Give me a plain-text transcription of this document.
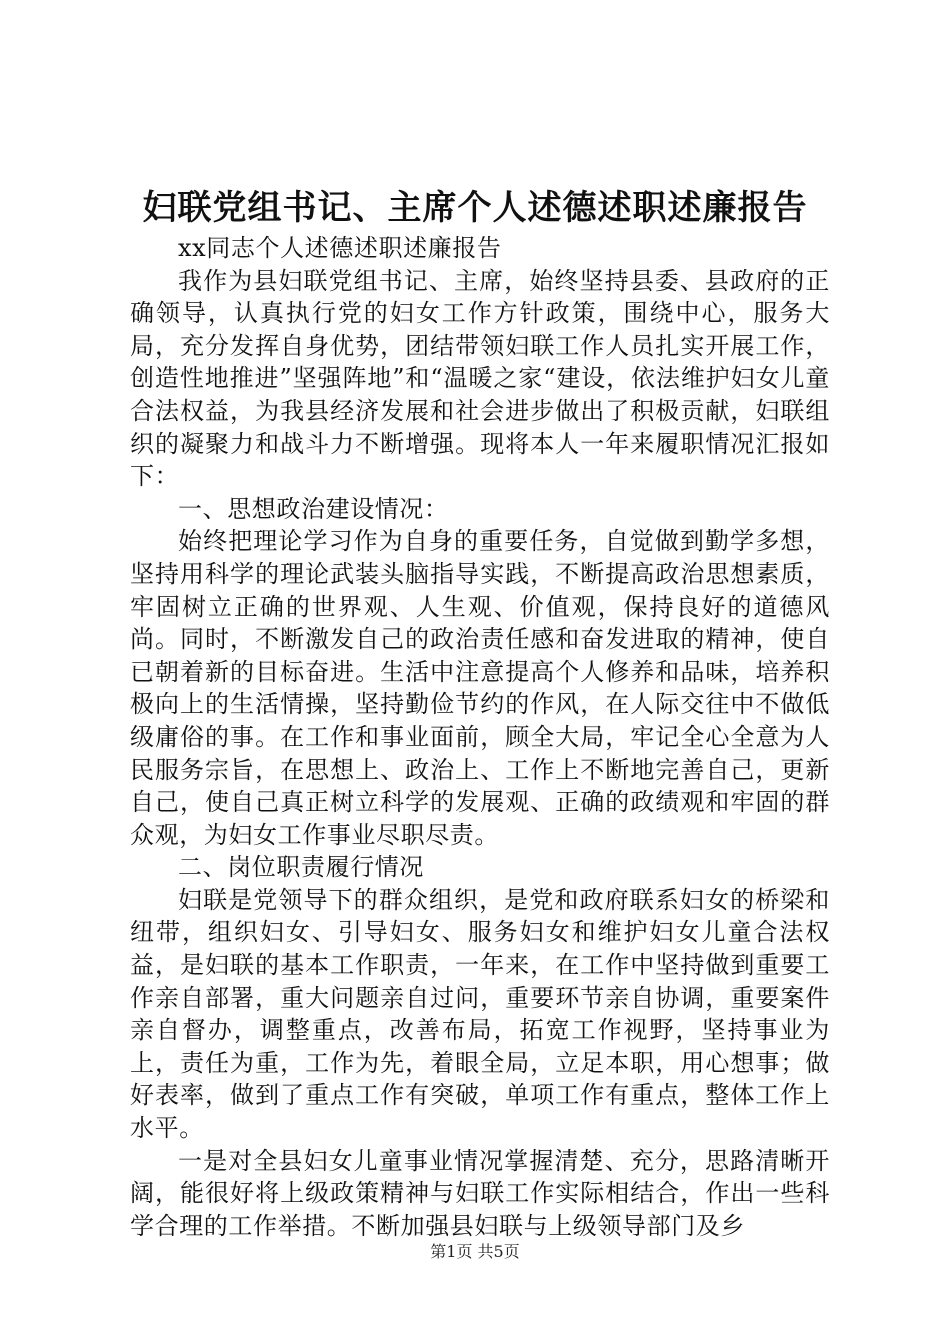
妇联党组书记、主席个人述德述职述廉报告

xx同志个人述德述职述廉报告

我作为县妇联党组书记、主席，始终坚持县委、县政府的正确领导，认真执行党的妇女工作方针政策，围绕中心，服务大局，充分发挥自身优势，团结带领妇联工作人员扎实开展工作，创造性地推进”坚强阵地”和“温暖之家“建设，依法维护妇女儿童合法权益，为我县经济发展和社会进步做出了积极贡献，妇联组织的凝聚力和战斗力不断增强。现将本人一年来履职情况汇报如下：

一、思想政治建设情况：

始终把理论学习作为自身的重要任务，自觉做到勤学多想，坚持用科学的理论武装头脑指导实践，不断提高政治思想素质，牢固树立正确的世界观、人生观、价值观，保持良好的道德风尚。同时，不断激发自己的政治责任感和奋发进取的精神，使自已朝着新的目标奋进。生活中注意提高个人修养和品味，培养积极向上的生活情操，坚持勤俭节约的作风，在人际交往中不做低级庸俗的事。在工作和事业面前，顾全大局，牢记全心全意为人民服务宗旨，在思想上、政治上、工作上不断地完善自己，更新自己，使自己真正树立科学的发展观、正确的政绩观和牢固的群众观，为妇女工作事业尽职尽责。

二、岗位职责履行情况

妇联是党领导下的群众组织，是党和政府联系妇女的桥梁和纽带，组织妇女、引导妇女、服务妇女和维护妇女儿童合法权益，是妇联的基本工作职责，一年来，在工作中坚持做到重要工作亲自部署，重大问题亲自过问，重要环节亲自协调，重要案件亲自督办，调整重点，改善布局，拓宽工作视野，坚持事业为上，责任为重，工作为先，着眼全局，立足本职，用心想事；做好表率，做到了重点工作有突破，单项工作有重点，整体工作上水平。

一是对全县妇女儿童事业情况掌握清楚、充分，思路清晰开阔，能很好将上级政策精神与妇联工作实际相结合，作出一些科学合理的工作举措。不断加强县妇联与上级领导部门及乡

第1页 共5页
